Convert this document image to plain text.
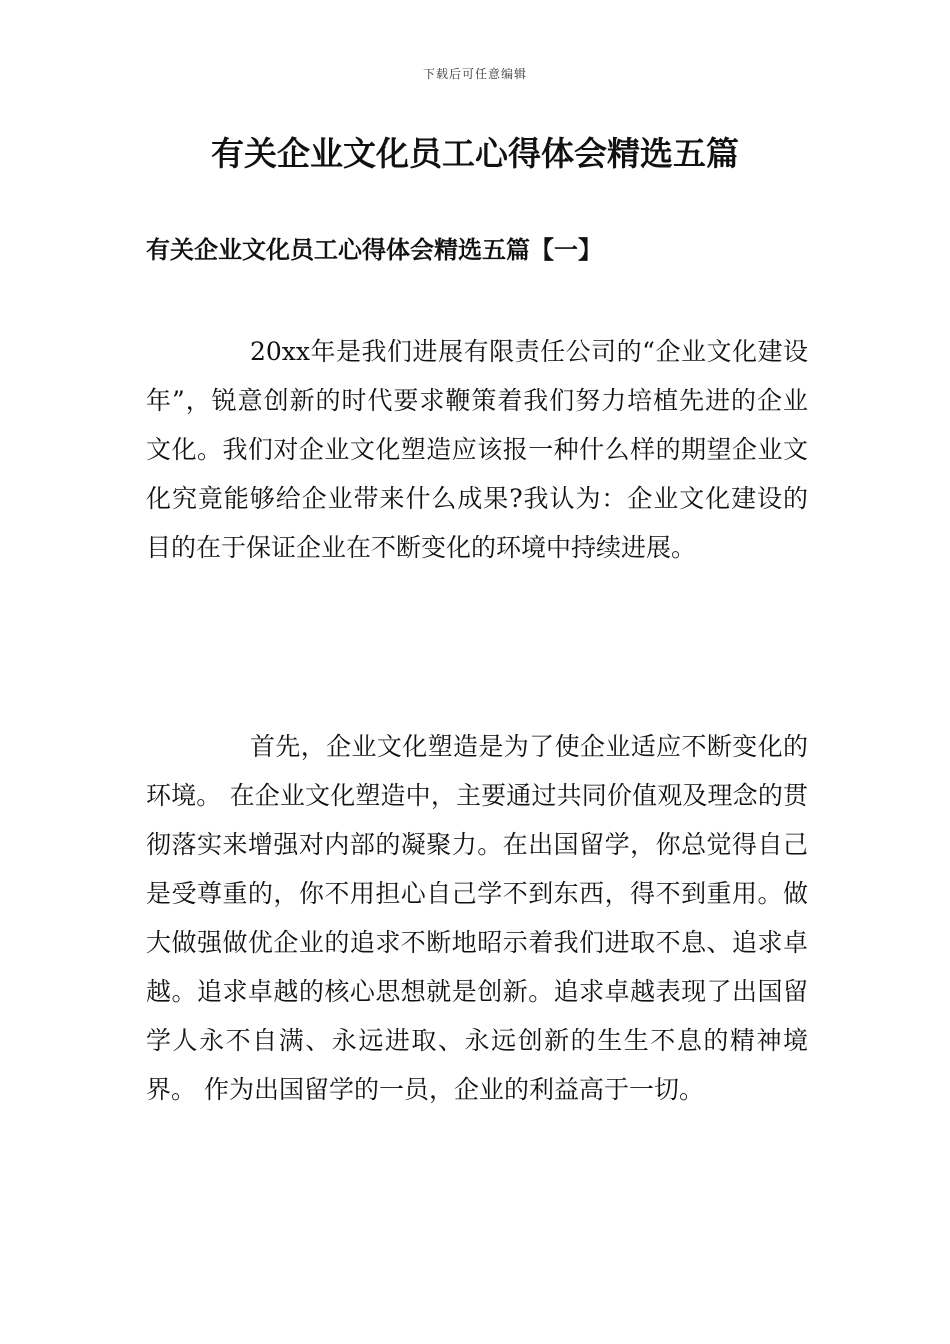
下载后可任意编辑
有关企业文化员工心得体会精选五篇
有关企业文化员工心得体会精选五篇【一】

20xx年是我们进展有限责任公司的“企业文化建设年”，锐意创新的时代要求鞭策着我们努力培植先进的企业文化。我们对企业文化塑造应该报一种什么样的期望企业文化究竟能够给企业带来什么成果?我认为：企业文化建设的目的在于保证企业在不断变化的环境中持续进展。

首先，企业文化塑造是为了使企业适应不断变化的环境。 在企业文化塑造中，主要通过共同价值观及理念的贯彻落实来增强对内部的凝聚力。在出国留学，你总觉得自己是受尊重的，你不用担心自己学不到东西，得不到重用。做大做强做优企业的追求不断地昭示着我们进取不息、追求卓越。追求卓越的核心思想就是创新。追求卓越表现了出国留学人永不自满、永远进取、永远创新的生生不息的精神境界。 作为出国留学的一员，企业的利益高于一切。
